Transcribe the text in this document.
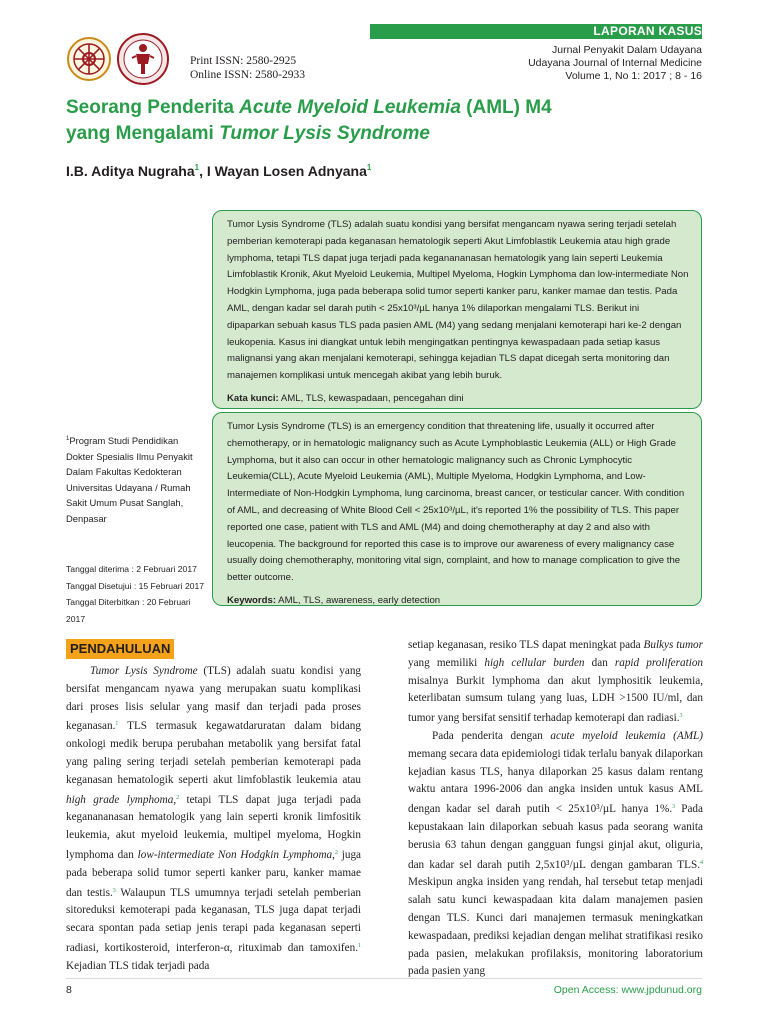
Print ISSN: 2580-2925
Online ISSN: 2580-2933
LAPORAN KASUS
Jurnal Penyakit Dalam Udayana
Udayana Journal of Internal Medicine
Volume 1, No 1: 2017 ; 8 - 16
Seorang Penderita Acute Myeloid Leukemia (AML) M4
yang Mengalami Tumor Lysis Syndrome
I.B. Aditya Nugraha$^1$, I Wayan Losen Adnyana$^1$

Tumor Lysis Syndrome (TLS) adalah suatu kondisi yang bersifat mengancam nyawa sering terjadi setelah pemberian kemoterapi pada keganasan hematologik seperti Akut Limfoblastik Leukemia atau high grade lymphoma, tetapi TLS dapat juga terjadi pada keganananasan hematologik yang lain seperti Leukemia Limfoblastik Kronik, Akut Myeloid Leukemia, Multipel Myeloma, Hogkin Lymphoma dan low-intermediate Non Hodgkin Lymphoma, juga pada beberapa solid tumor seperti kanker paru, kanker mamae dan testis. Pada AML, dengan kadar sel darah putih < 25x10³/µL hanya 1% dilaporkan mengalami TLS. Berikut ini dipaparkan sebuah kasus TLS pada pasien AML (M4) yang sedang menjalani kemoterapi hari ke-2 dengan leukopenia. Kasus ini diangkat untuk lebih mengingatkan pentingnya kewaspadaan pada setiap kasus malignansi yang akan menjalani kemoterapi, sehingga kejadian TLS dapat dicegah serta monitoring dan manajemen komplikasi untuk mencegah akibat yang lebih buruk.

Kata kunci: AML, TLS, kewaspadaan, pencegahan dini

Tumor Lysis Syndrome (TLS) is an emergency condition that threatening life, usually it occurred after chemotherapy, or in hematologic malignancy such as Acute Lymphoblastic Leukemia (ALL) or High Grade Lymphoma, but it also can occur in other hematologic malignancy such as Chronic Lymphocytic Leukemia(CLL), Acute Myeloid Leukemia (AML), Multiple Myeloma, Hodgkin Lymphoma, and Low-Intermediate of Non-Hodgkin Lymphoma, lung carcinoma, breast cancer, or testicular cancer. With condition of AML, and decreasing of White Blood Cell < 25x10³/µL, it's reported 1% the possibility of TLS. This paper reported one case, patient with TLS and AML (M4) and doing chemotheraphy at day 2 and also with leucopenia. The background for reported this case is to improve our awareness of every malignancy case usually doing chemotheraphy, monitoring vital sign, complaint, and how to manage complication to give the better outcome.

Keywords: AML, TLS, awareness, early detection

$^1$Program Studi Pendidikan Dokter Spesialis Ilmu Penyakit Dalam Fakultas Kedokteran Universitas Udayana / Rumah Sakit Umum Pusat Sanglah, Denpasar
Tanggal diterima : 2 Februari 2017
Tanggal Disetujui : 15 Februari 2017
Tanggal Diterbitkan : 20 Februari 2017
PENDAHULUAN

Tumor Lysis Syndrome (TLS) adalah suatu kondisi yang bersifat mengancam nyawa yang merupakan suatu komplikasi dari proses lisis selular yang masif dan terjadi pada proses keganasan.$^1$ TLS termasuk kegawatdaruratan dalam bidang onkologi medik berupa perubahan metabolik yang bersifat fatal yang paling sering terjadi setelah pemberian kemoterapi pada keganasan hematologik seperti akut limfoblastik leukemia atau high grade lymphoma,$^2$ tetapi TLS dapat juga terjadi pada keganananasan hematologik yang lain seperti kronik limfositik leukemia, akut myeloid leukemia, multipel myeloma, Hogkin lymphoma dan low-intermediate Non Hodgkin Lymphoma,$^2$ juga pada beberapa solid tumor seperti kanker paru, kanker mamae dan testis.$^3$ Walaupun TLS umumnya terjadi setelah pemberian sitoreduksi kemoterapi pada keganasan, TLS juga dapat terjadi secara spontan pada setiap jenis terapi pada keganasan seperti radiasi, kortikosteroid, interferon-α, rituximab dan tamoxifen.$^1$ Kejadian TLS tidak terjadi pada

setiap keganasan, resiko TLS dapat meningkat pada Bulkys tumor yang memiliki high cellular burden dan rapid proliferation misalnya Burkit lymphoma dan akut lymphositik leukemia, keterlibatan sumsum tulang yang luas, LDH >1500 IU/ml, dan tumor yang bersifat sensitif terhadap kemoterapi dan radiasi.$^3$

Pada penderita dengan acute myeloid leukemia (AML) memang secara data epidemiologi tidak terlalu banyak dilaporkan kejadian kasus TLS, hanya dilaporkan 25 kasus dalam rentang waktu antara 1996-2006 dan angka insiden untuk kasus AML dengan kadar sel darah putih < 25x10³/µL hanya 1%.$^3$ Pada kepustakaan lain dilaporkan sebuah kasus pada seorang wanita berusia 63 tahun dengan gangguan fungsi ginjal akut, oliguria, dan kadar sel darah putih 2,5x10³/µL dengan gambaran TLS.$^4$ Meskipun angka insiden yang rendah, hal tersebut tetap menjadi salah satu kunci kewaspadaan kita dalam manajemen pasien dengan TLS. Kunci dari manajemen termasuk meningkatkan kewaspadaan, prediksi kejadian dengan melihat stratifikasi resiko pada pasien, melakukan profilaksis, monitoring laboratorium pada pasien yang

8	Open Access: www.jpdunud.org
